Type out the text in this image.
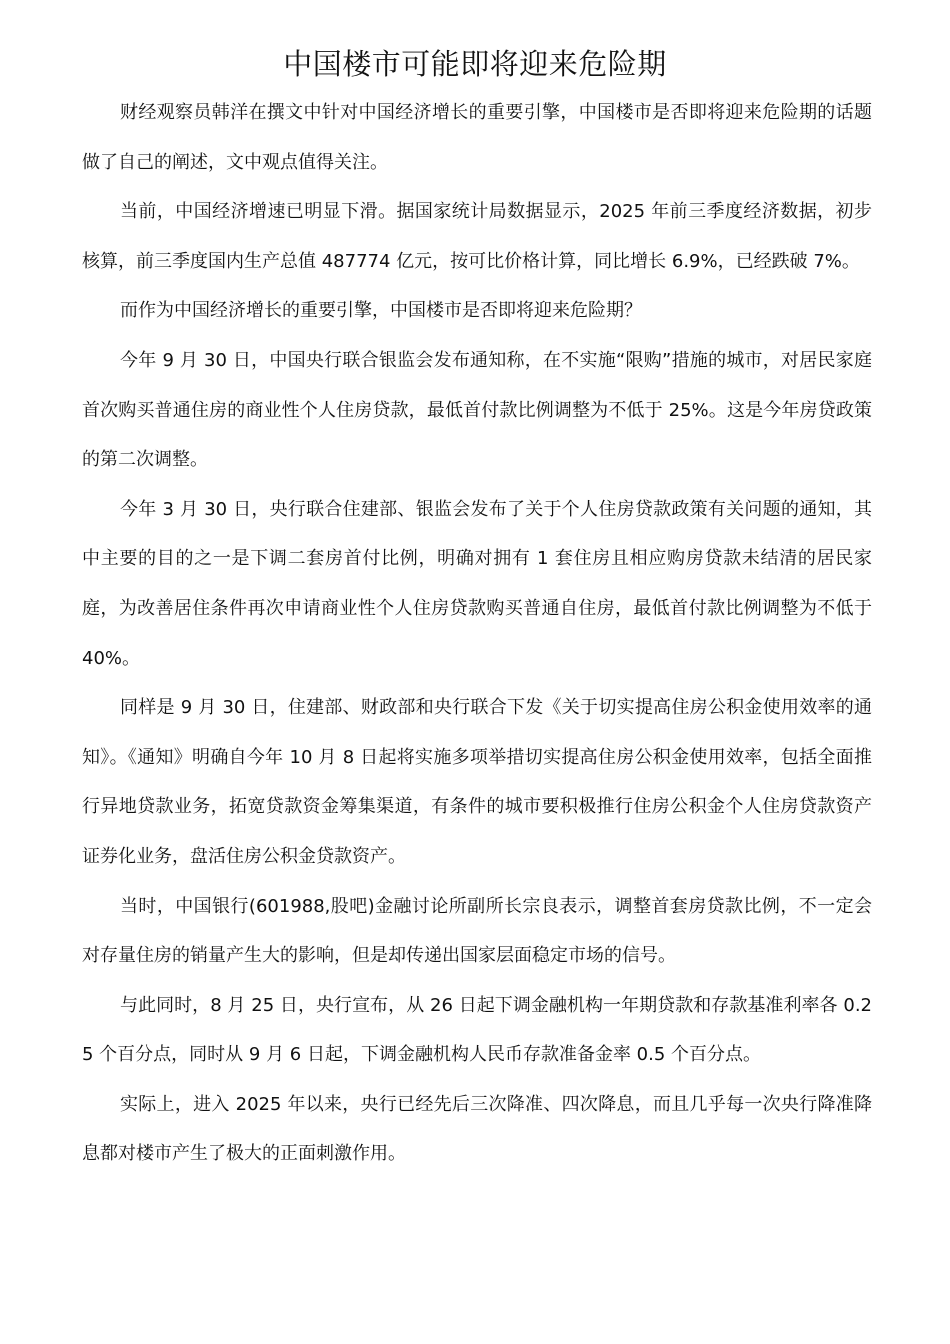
中国楼市可能即将迎来危险期

财经观察员韩洋在撰文中针对中国经济增长的重要引擎，中国楼市是否即将迎来危险期的话题做了自己的阐述，文中观点值得关注。

当前，中国经济增速已明显下滑。据国家统计局数据显示，2025 年前三季度经济数据，初步核算，前三季度国内生产总值 487774 亿元，按可比价格计算，同比增长 6.9%，已经跌破 7%。

而作为中国经济增长的重要引擎，中国楼市是否即将迎来危险期？

今年 9 月 30 日，中国央行联合银监会发布通知称，在不实施“限购”措施的城市，对居民家庭首次购买普通住房的商业性个人住房贷款，最低首付款比例调整为不低于 25%。这是今年房贷政策的第二次调整。

今年 3 月 30 日，央行联合住建部、银监会发布了关于个人住房贷款政策有关问题的通知，其中主要的目的之一是下调二套房首付比例，明确对拥有 1 套住房且相应购房贷款未结清的居民家庭，为改善居住条件再次申请商业性个人住房贷款购买普通自住房，最低首付款比例调整为不低于 40%。

同样是 9 月 30 日，住建部、财政部和央行联合下发《关于切实提高住房公积金使用效率的通知》。《通知》明确自今年 10 月 8 日起将实施多项举措切实提高住房公积金使用效率，包括全面推行异地贷款业务，拓宽贷款资金筹集渠道，有条件的城市要积极推行住房公积金个人住房贷款资产证券化业务，盘活住房公积金贷款资产。

当时，中国银行(601988,股吧)金融讨论所副所长宗良表示，调整首套房贷款比例，不一定会对存量住房的销量产生大的影响，但是却传递出国家层面稳定市场的信号。

与此同时，8 月 25 日，央行宣布，从 26 日起下调金融机构一年期贷款和存款基准利率各 0.25 个百分点，同时从 9 月 6 日起，下调金融机构人民币存款准备金率 0.5 个百分点。

实际上，进入 2025 年以来，央行已经先后三次降准、四次降息，而且几乎每一次央行降准降息都对楼市产生了极大的正面刺激作用。
